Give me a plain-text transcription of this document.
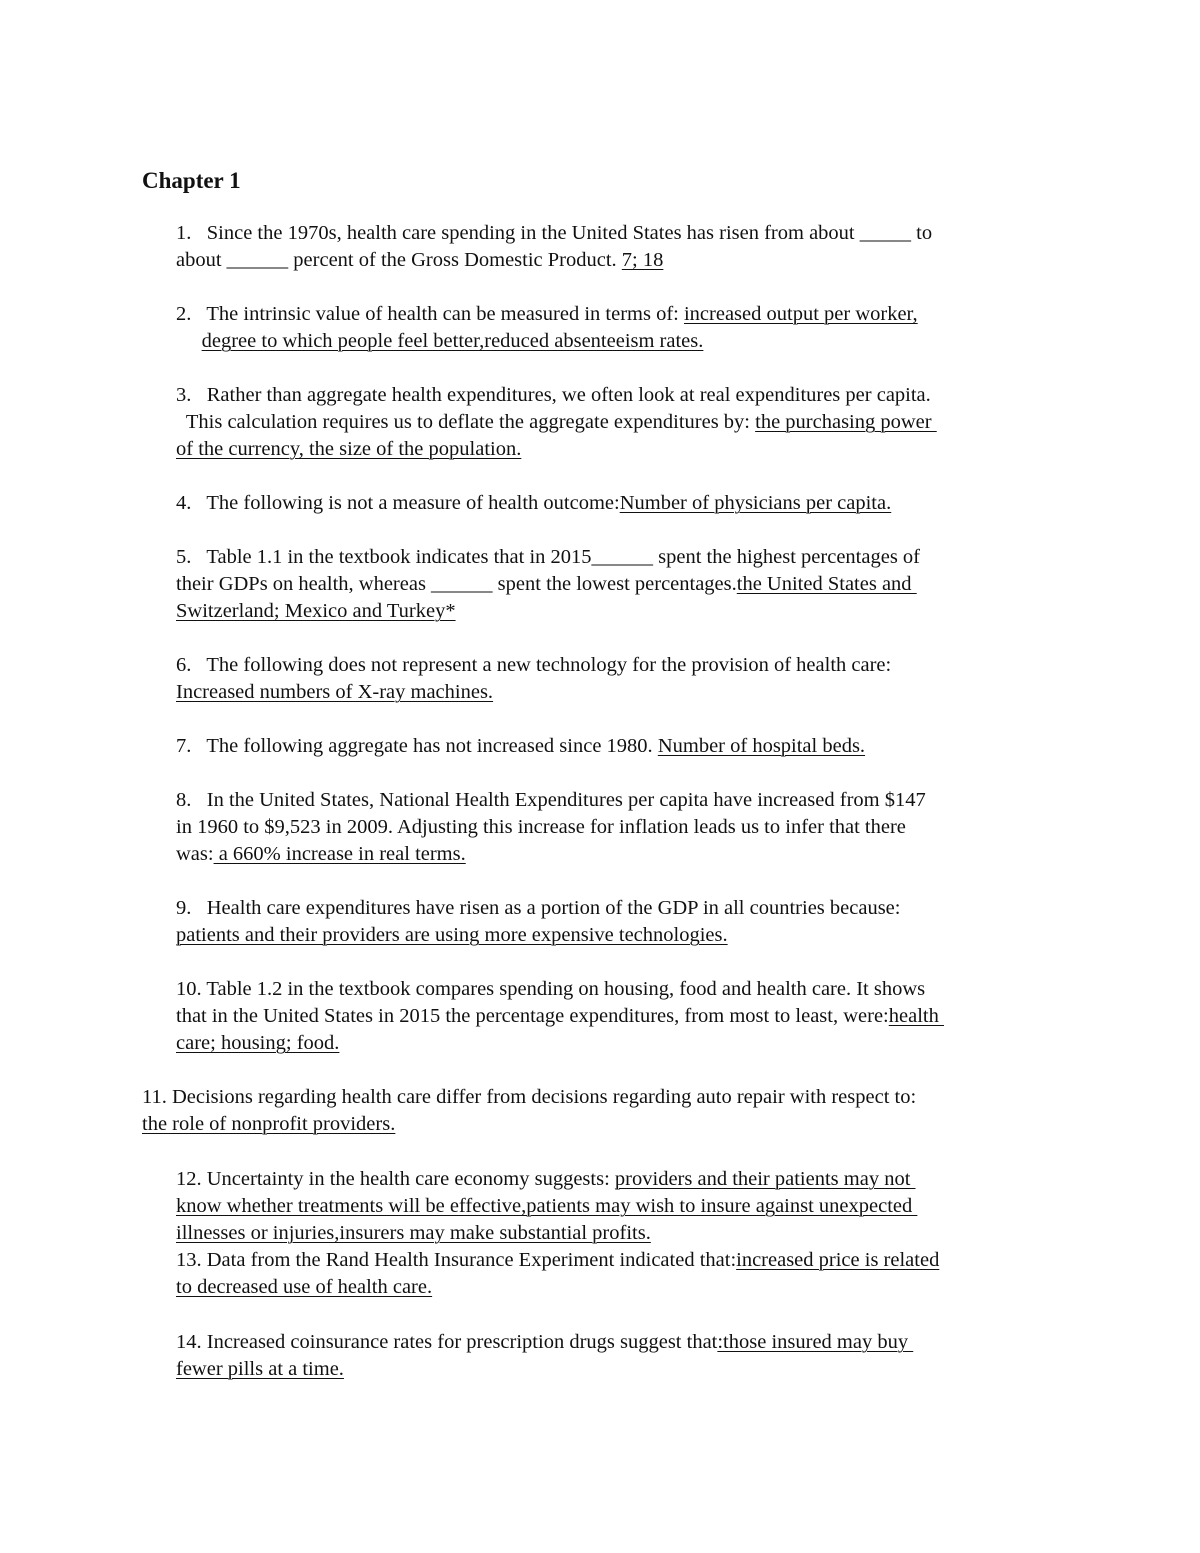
Chapter 1

1.   Since the 1970s, health care spending in the United States has risen from about _____ to

about ______ percent of the Gross Domestic Product. 7; 18

2.   The intrinsic value of health can be measured in terms of: increased output per worker,

degree to which people feel better,reduced absenteeism rates.

3.   Rather than aggregate health expenditures, we often look at real expenditures per capita.

This calculation requires us to deflate the aggregate expenditures by: the purchasing power

of the currency, the size of the population.

4.   The following is not a measure of health outcome:Number of physicians per capita.

5.   Table 1.1 in the textbook indicates that in 2015______ spent the highest percentages of

their GDPs on health, whereas ______ spent the lowest percentages.the United States and

Switzerland; Mexico and Turkey*

6.   The following does not represent a new technology for the provision of health care:

Increased numbers of X-ray machines.

7.   The following aggregate has not increased since 1980. Number of hospital beds.

8.   In the United States, National Health Expenditures per capita have increased from $147

in 1960 to $9,523 in 2009. Adjusting this increase for inflation leads us to infer that there

was: a 660% increase in real terms.

9.   Health care expenditures have risen as a portion of the GDP in all countries because:

patients and their providers are using more expensive technologies.

10. Table 1.2 in the textbook compares spending on housing, food and health care. It shows

that in the United States in 2015 the percentage expenditures, from most to least, were:health

care; housing; food.

11. Decisions regarding health care differ from decisions regarding auto repair with respect to:

the role of nonprofit providers.

12. Uncertainty in the health care economy suggests: providers and their patients may not

know whether treatments will be effective,patients may wish to insure against unexpected

illnesses or injuries,insurers may make substantial profits.

13. Data from the Rand Health Insurance Experiment indicated that:increased price is related

to decreased use of health care.

14. Increased coinsurance rates for prescription drugs suggest that:those insured may buy

fewer pills at a time.
